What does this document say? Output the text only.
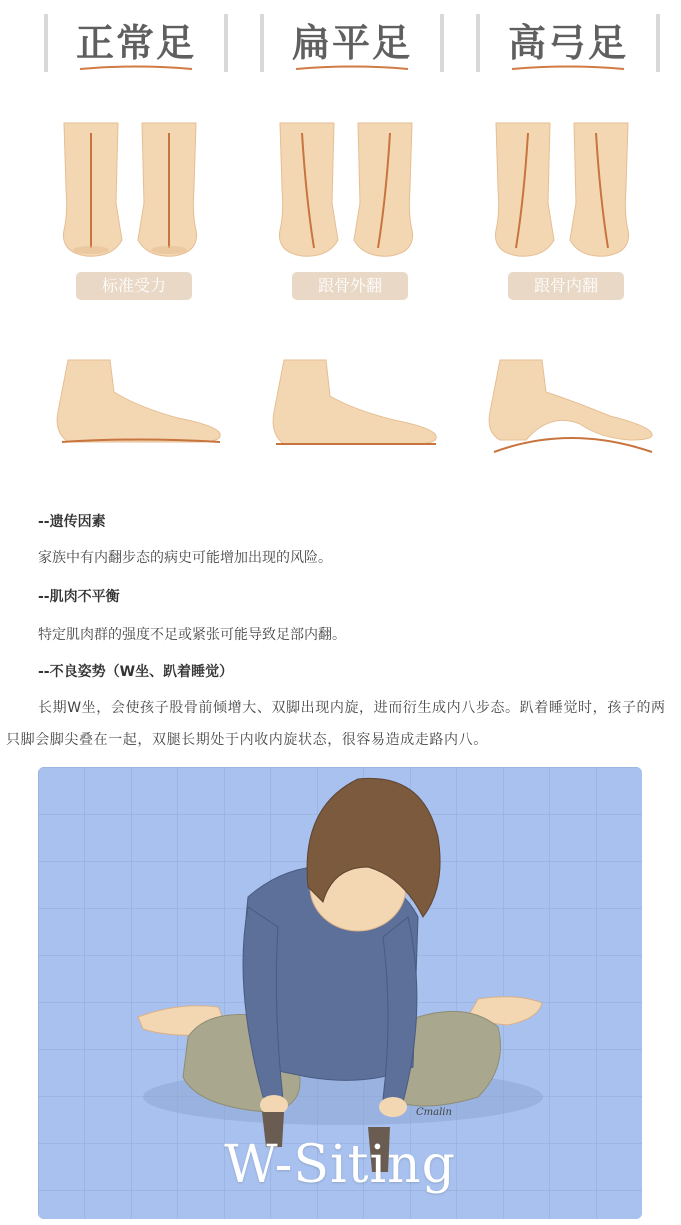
正常足
标准受力
扁平足
跟骨外翻
高弓足
跟骨内翻
--遗传因素
家族中有内翻步态的病史可能增加出现的风险。
--肌肉不平衡
特定肌肉群的强度不足或紧张可能导致足部内翻。
--不良姿势（W坐、趴着睡觉）
长期W坐，会使孩子股骨前倾增大、双脚出现内旋，进而衍生成内八步态。趴着睡觉时，孩子的两只脚会脚尖叠在一起，双腿长期处于内收内旋状态，很容易造成走路内八。
W-Siting
Cmalin
